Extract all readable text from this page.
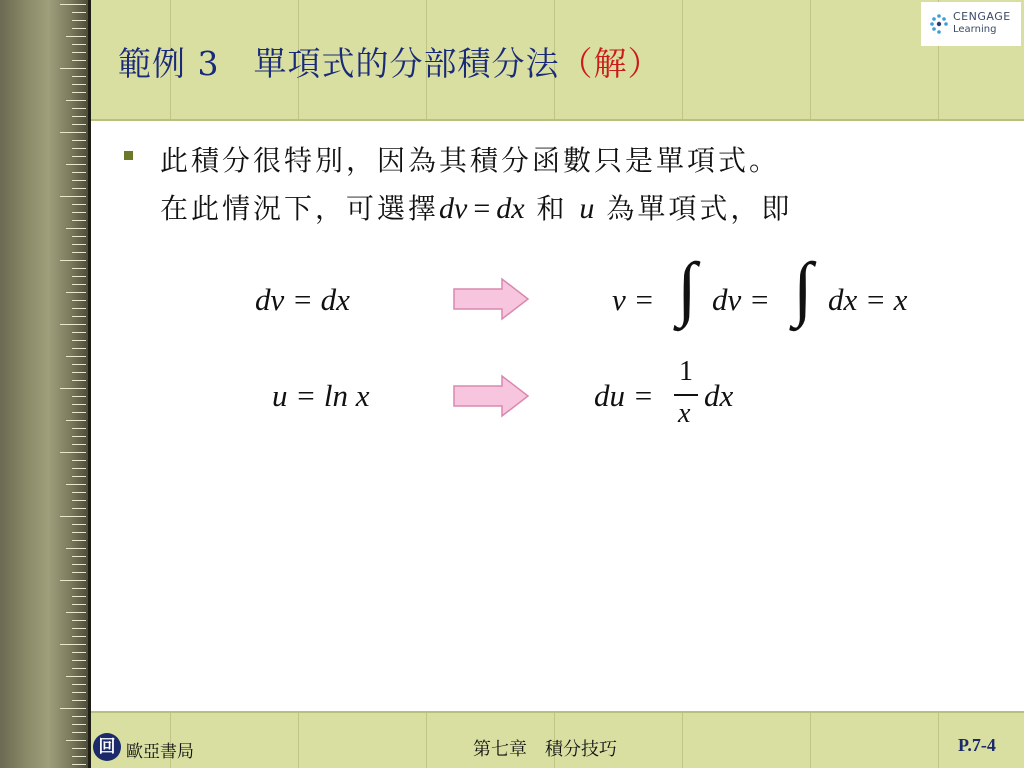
範例 3　單項式的分部積分法（解）
CENGAGE
Learning
此積分很特別，因為其積分函數只是單項式。
在此情況下，可選擇dv = dx 和 u 為單項式，即
dv = dx	v = ∫ dv = ∫ dx = x
u = ln x	du =
1
x
dx
回 歐亞書局	第七章　積分技巧	P.7-4
